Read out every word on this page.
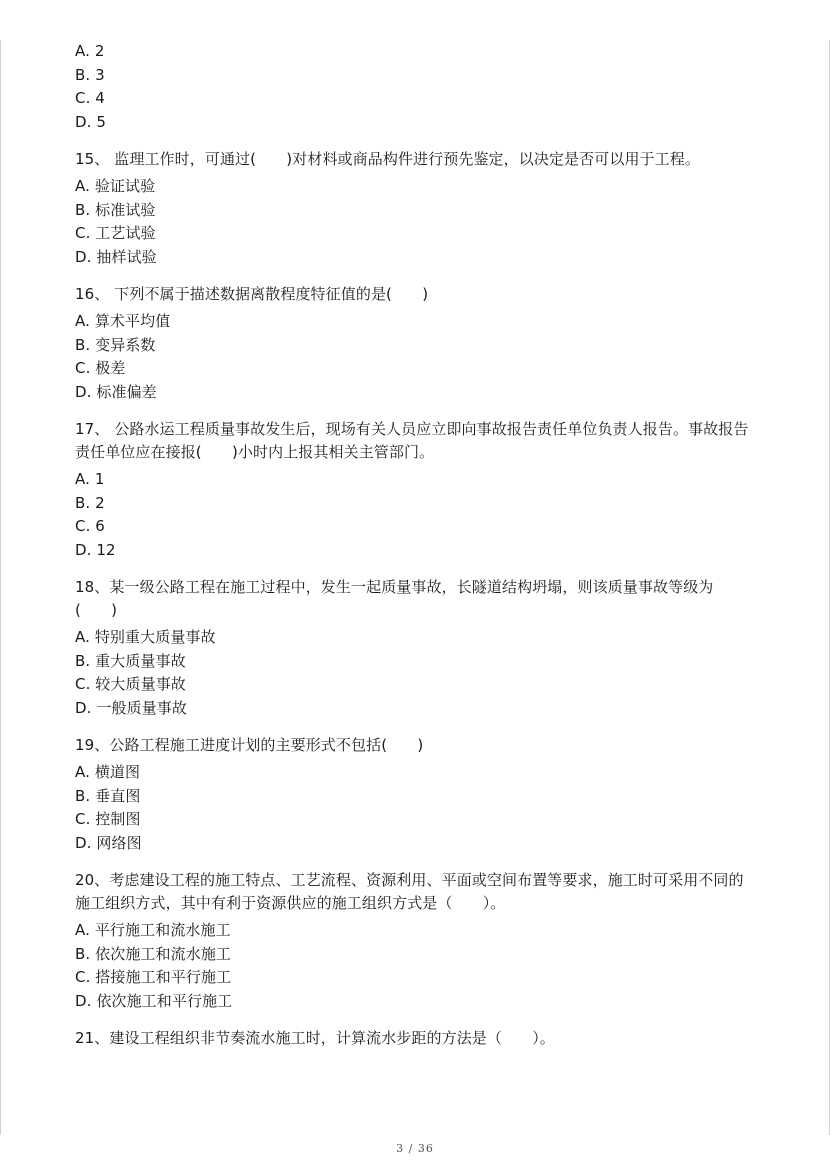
A. 2
B. 3
C. 4
D. 5
15、 监理工作时，可通过(　　)对材料或商品构件进行预先鉴定，以决定是否可以用于工程。
A. 验证试验
B. 标准试验
C. 工艺试验
D. 抽样试验
16、 下列不属于描述数据离散程度特征值的是(　　)
A. 算术平均值
B. 变异系数
C. 极差
D. 标准偏差
17、 公路水运工程质量事故发生后，现场有关人员应立即向事故报告责任单位负责人报告。事故报告责任单位应在接报(　　)小时内上报其相关主管部门。
A. 1
B. 2
C. 6
D. 12
18、某一级公路工程在施工过程中，发生一起质量事故，长隧道结构坍塌，则该质量事故等级为(　　)
A. 特别重大质量事故
B. 重大质量事故
C. 较大质量事故
D. 一般质量事故
19、公路工程施工进度计划的主要形式不包括(　　)
A. 横道图
B. 垂直图
C. 控制图
D. 网络图
20、考虑建设工程的施工特点、工艺流程、资源利用、平面或空间布置等要求，施工时可采用不同的施工组织方式，其中有利于资源供应的施工组织方式是（　　）。
A. 平行施工和流水施工
B. 依次施工和流水施工
C. 搭接施工和平行施工
D. 依次施工和平行施工
21、建设工程组织非节奏流水施工时，计算流水步距的方法是（　　）。
3 / 36
